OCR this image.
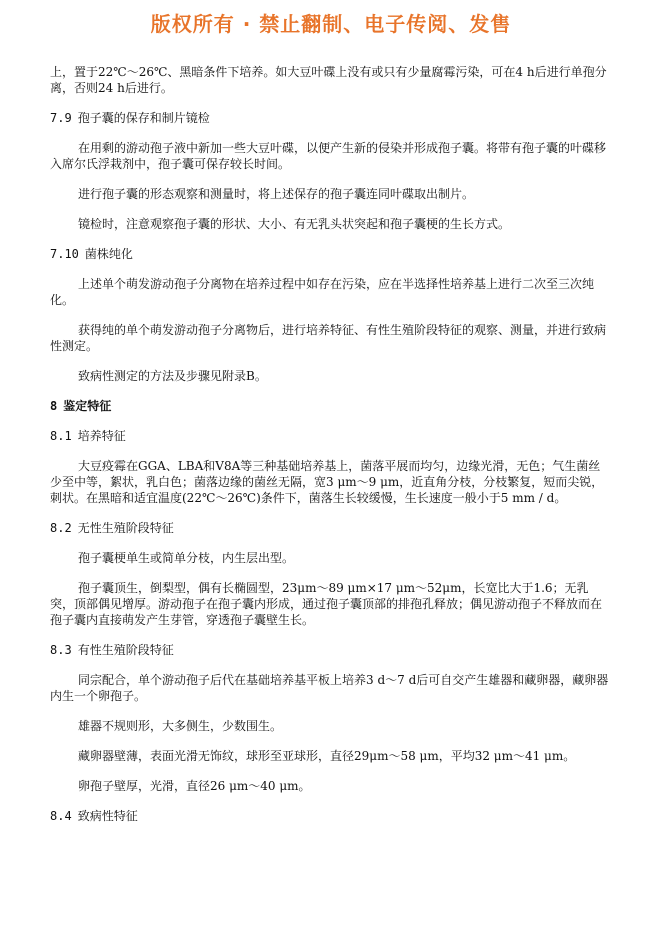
版权所有 · 禁止翻制、电子传阅、发售

上，置于22℃～26℃、黑暗条件下培养。如大豆叶碟上没有或只有少量腐霉污染，可在4 h后进行单孢分离，否则24 h后进行。

7.9 孢子囊的保存和制片镜检

在用剩的游动孢子液中新加一些大豆叶碟，以便产生新的侵染并形成孢子囊。将带有孢子囊的叶碟移入席尔氏浮栽剂中，孢子囊可保存较长时间。

进行孢子囊的形态观察和测量时，将上述保存的孢子囊连同叶碟取出制片。

镜检时，注意观察孢子囊的形状、大小、有无乳头状突起和孢子囊梗的生长方式。

7.10 菌株纯化

上述单个萌发游动孢子分离物在培养过程中如存在污染，应在半选择性培养基上进行二次至三次纯化。

获得纯的单个萌发游动孢子分离物后，进行培养特征、有性生殖阶段特征的观察、测量，并进行致病性测定。

致病性测定的方法及步骤见附录B。

8 鉴定特征
8.1 培养特征

大豆疫霉在GGA、LBA和V8A等三种基础培养基上，菌落平展而均匀，边缘光滑，无色；气生菌丝少至中等，絮状，乳白色；菌落边缘的菌丝无隔，宽3 μm～9 μm，近直角分枝，分枝繁复，短而尖锐，刺状。在黑暗和适宜温度(22℃～26℃)条件下，菌落生长较缓慢，生长速度一般小于5 mm / d。

8.2 无性生殖阶段特征

孢子囊梗单生或简单分枝，内生层出型。

孢子囊顶生，倒梨型，偶有长椭圆型，23μm～89 μm×17 μm～52μm，长宽比大于1.6；无乳突，顶部偶见增厚。游动孢子在孢子囊内形成，通过孢子囊顶部的排孢孔释放；偶见游动孢子不释放而在孢子囊内直接萌发产生芽管，穿透孢子囊壁生长。

8.3 有性生殖阶段特征

同宗配合，单个游动孢子后代在基础培养基平板上培养3 d～7 d后可自交产生雄器和藏卵器，藏卵器内生一个卵孢子。

雄器不规则形，大多侧生，少数围生。

藏卵器壁薄，表面光滑无饰纹，球形至亚球形，直径29μm～58 μm，平均32 μm～41 μm。

卵孢子壁厚，光滑，直径26 μm～40 μm。

8.4 致病性特征
